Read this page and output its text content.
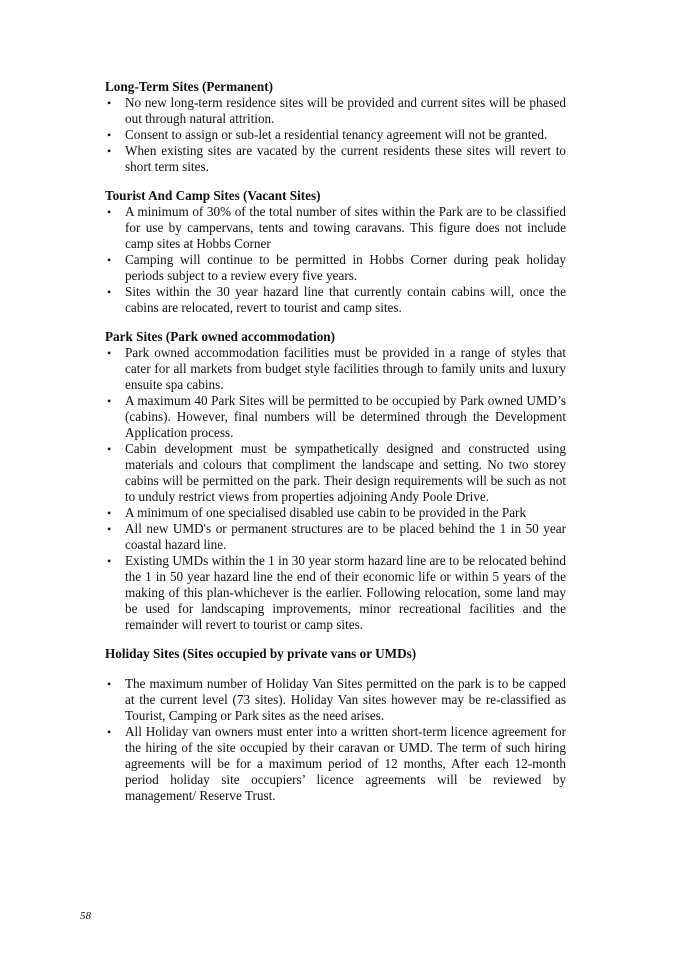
Long-Term Sites (Permanent)
• No new long-term residence sites will be provided and current sites will be phased out through natural attrition.
• Consent to assign or sub-let a residential tenancy agreement will not be granted.
• When existing sites are vacated by the current residents these sites will revert to short term sites.
Tourist And Camp Sites (Vacant Sites)
• A minimum of 30% of the total number of sites within the Park are to be classified for use by campervans, tents and towing caravans. This figure does not include camp sites at Hobbs Corner
• Camping will continue to be permitted in Hobbs Corner during peak holiday periods subject to a review every five years.
• Sites within the 30 year hazard line that currently contain cabins will, once the cabins are relocated, revert to tourist and camp sites.
Park Sites (Park owned accommodation)
• Park owned accommodation facilities must be provided in a range of styles that cater for all markets from budget style facilities through to family units and luxury ensuite spa cabins.
• A maximum 40 Park Sites will be permitted to be occupied by Park owned UMD’s (cabins). However, final numbers will be determined through the Development Application process.
• Cabin development must be sympathetically designed and constructed using materials and colours that compliment the landscape and setting. No two storey cabins will be permitted on the park. Their design requirements will be such as not to unduly restrict views from properties adjoining Andy Poole Drive.
• A minimum of one specialised disabled use cabin to be provided in the Park
• All new UMD's or permanent structures are to be placed behind the 1 in 50 year coastal hazard line.
• Existing UMDs within the 1 in 30 year storm hazard line are to be relocated behind the 1 in 50 year hazard line the end of their economic life or within 5 years of the making of this plan-whichever is the earlier. Following relocation, some land may be used for landscaping improvements, minor recreational facilities and the remainder will revert to tourist or camp sites.
Holiday Sites (Sites occupied by private vans or UMDs)
• The maximum number of Holiday Van Sites permitted on the park is to be capped at the current level (73 sites). Holiday Van sites however may be re-classified as Tourist, Camping or Park sites as the need arises.
• All Holiday van owners must enter into a written short-term licence agreement for the hiring of the site occupied by their caravan or UMD. The term of such hiring agreements will be for a maximum period of 12 months, After each 12-month period holiday site occupiers’ licence agreements will be reviewed by management/ Reserve Trust.
58
